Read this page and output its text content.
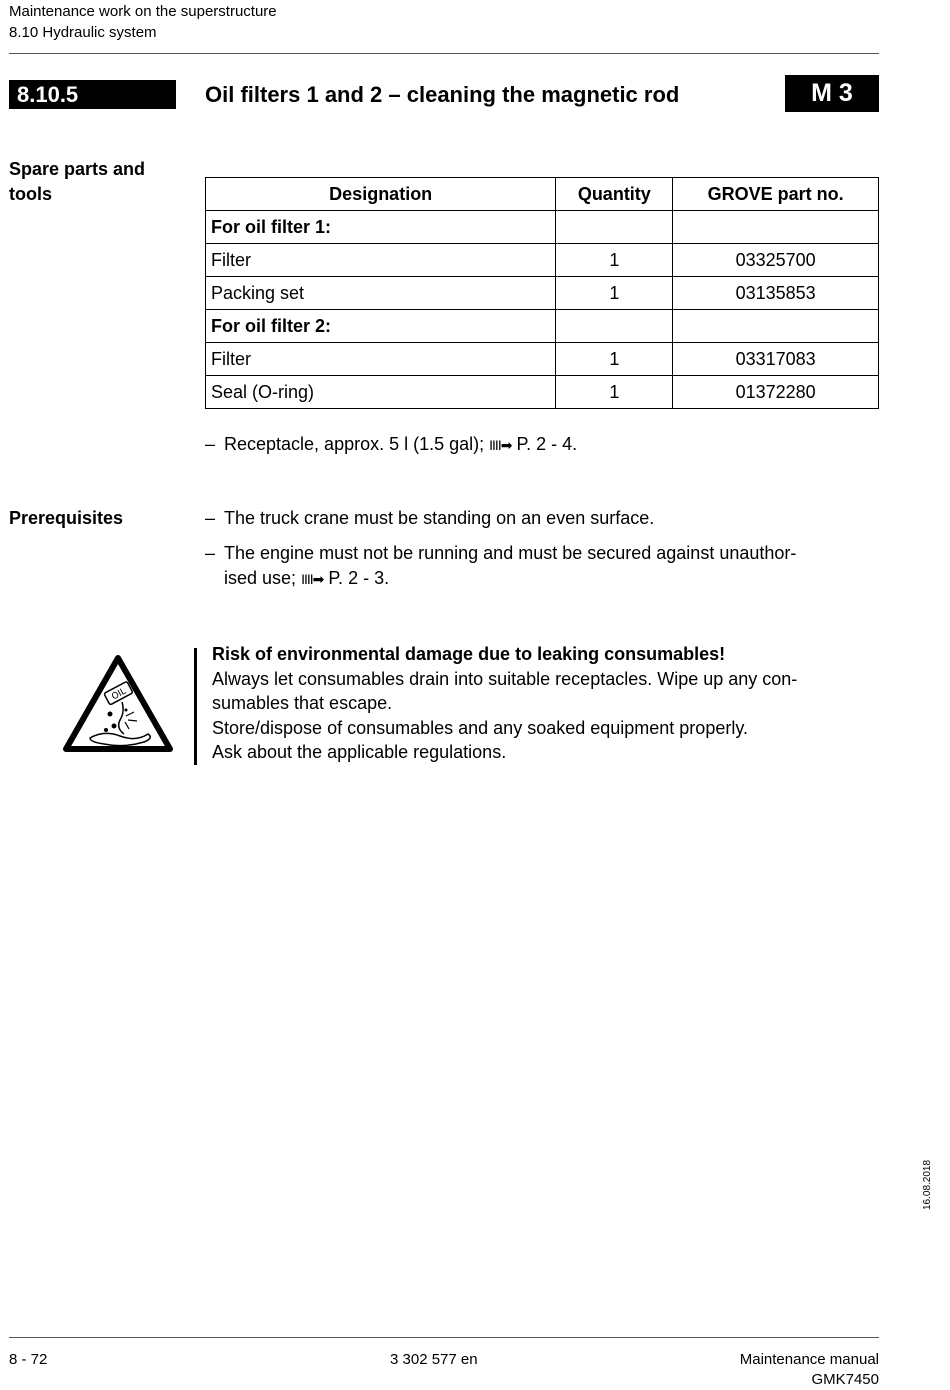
Maintenance work on the superstructure
8.10 Hydraulic system
8.10.5	Oil filters 1 and 2 – cleaning the magnetic rod	M 3
Spare parts and
tools	Designation	Quantity	GROVE part no.
For oil filter 1:		
Filter	1	03325700
Packing set	1	03135853
For oil filter 2:		
Filter	1	03317083
Seal (O-ring)	1	01372280
– Receptacle, approx. 5 l (1.5 gal); IIII➡ P. 2 - 4.
Prerequisites	– The truck crane must be standing on an even surface.
– The engine must not be running and must be secured against unauthor-
ised use; IIII➡ P. 2 - 3.
OIL
Risk of environmental damage due to leaking consumables!
Always let consumables drain into suitable receptacles. Wipe up any con-
sumables that escape.
Store/dispose of consumables and any soaked equipment properly.
Ask about the applicable regulations.
16.08.2018
8 - 72	3 302 577 en	Maintenance manual
GMK7450
